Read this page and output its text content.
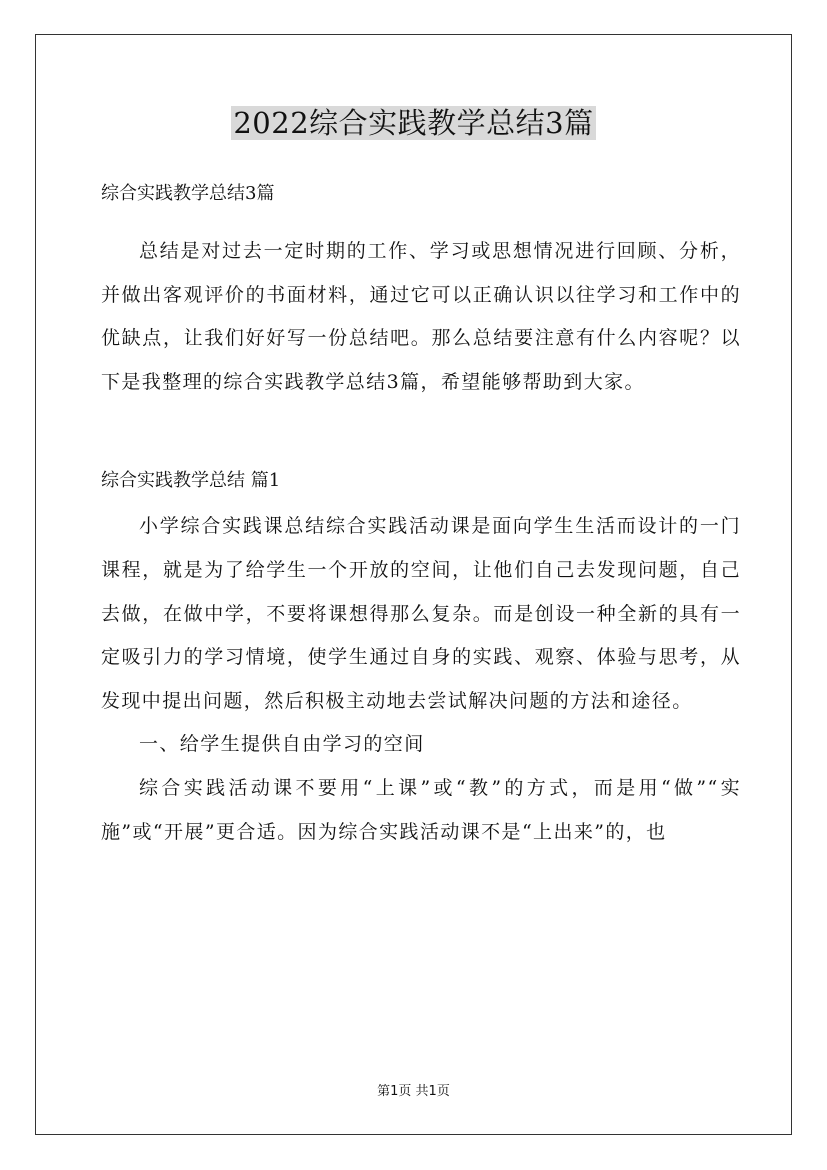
2022综合实践教学总结3篇

综合实践教学总结3篇

总结是对过去一定时期的工作、学习或思想情况进行回顾、分析，并做出客观评价的书面材料，通过它可以正确认识以往学习和工作中的优缺点，让我们好好写一份总结吧。那么总结要注意有什么内容呢？以下是我整理的综合实践教学总结3篇，希望能够帮助到大家。

综合实践教学总结 篇1

小学综合实践课总结综合实践活动课是面向学生生活而设计的一门课程，就是为了给学生一个开放的空间，让他们自己去发现问题，自己去做，在做中学，不要将课想得那么复杂。而是创设一种全新的具有一定吸引力的学习情境，使学生通过自身的实践、观察、体验与思考，从发现中提出问题，然后积极主动地去尝试解决问题的方法和途径。

一、给学生提供自由学习的空间

综合实践活动课不要用“上课”或“教”的方式，而是用“做”“实施”或“开展”更合适。因为综合实践活动课不是“上出来”的，也

第1页 共1页
